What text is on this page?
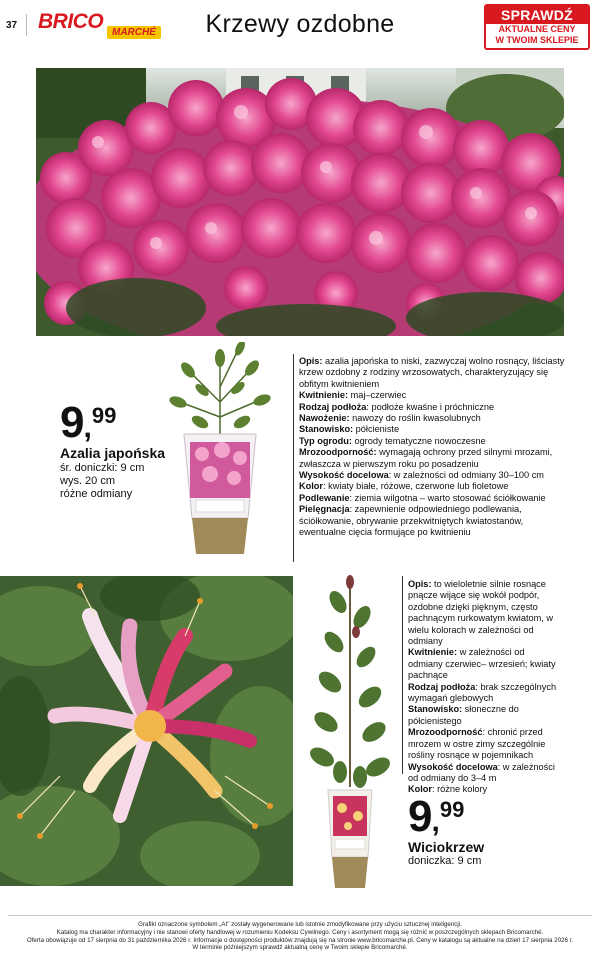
37 BRICO MARCHÉ	Krzewy ozdobne	SPRAWDŹ
AKTUALNE CENY
W TWOIM SKLEPIE
9,99
Azalia japońska
śr. doniczki: 9 cm
wys. 20 cm
różne odmiany
Opis: azalia japońska to niski, zazwyczaj wolno rosnący, liściasty krzew ozdobny z rodziny wrzosowatych, charakteryzujący się obfitym kwitnieniem
Kwitnienie: maj–czerwiec
Rodzaj podłoża: podłoże kwaśne i próchniczne
Nawożenie: nawozy do roślin kwasolubnych
Stanowisko: półcieniste
Typ ogrodu: ogrody tematyczne nowoczesne
Mrozoodporność: wymagają ochrony przed silnymi mrozami, zwłaszcza w pierwszym roku po posadzeniu
Wysokość docelowa: w zależności od odmiany 30–100 cm
Kolor: kwiaty białe, różowe, czerwone lub fioletowe
Podlewanie: ziemia wilgotna – warto stosować ściółkowanie
Pielęgnacja: zapewnienie odpowiedniego podlewania, ściółkowanie, obrywanie przekwitniętych kwiatostanów, ewentualne cięcia formujące po kwitnieniu
Opis: to wieloletnie silnie rosnące pnącze wijące się wokół podpór, ozdobne dzięki pięknym, często pachnącym rurkowatym kwiatom, w wielu kolorach w zależności od odmiany
Kwitnienie: w zależności od odmiany czerwiec– wrzesień; kwiaty pachnące
Rodzaj podłoża: brak szczególnych wymagań glebowych
Stanowisko: słoneczne do półcienistego
Mrozoodporność: chronić przed mrozem w ostre zimy szczególnie rośliny rosnące w pojemnikach
Wysokość docelowa: w zależności od odmiany do 3–4 m
Kolor: różne kolory
9,99
Wiciokrzew
doniczka: 9 cm
Grafiki oznaczone symbolem „AI" zostały wygenerowane lub istotnie zmodyfikowane przy użyciu sztucznej inteligencji.
Katalog ma charakter informacyjny i nie stanowi oferty handlowej w rozumieniu Kodeksu Cywilnego. Ceny i asortyment mogą się różnić w poszczególnych sklepach Bricomarché.
Oferta obowiązuje od 17 sierpnia do 31 października 2026 r. Informacje o dostępności produktów znajdują się na stronie www.bricomarche.pl. Ceny w katalogu są aktualne na dzień 17 sierpnia 2026 r.
W terminie późniejszym sprawdź aktualną cenę w Twoim sklepie Bricomarché.
